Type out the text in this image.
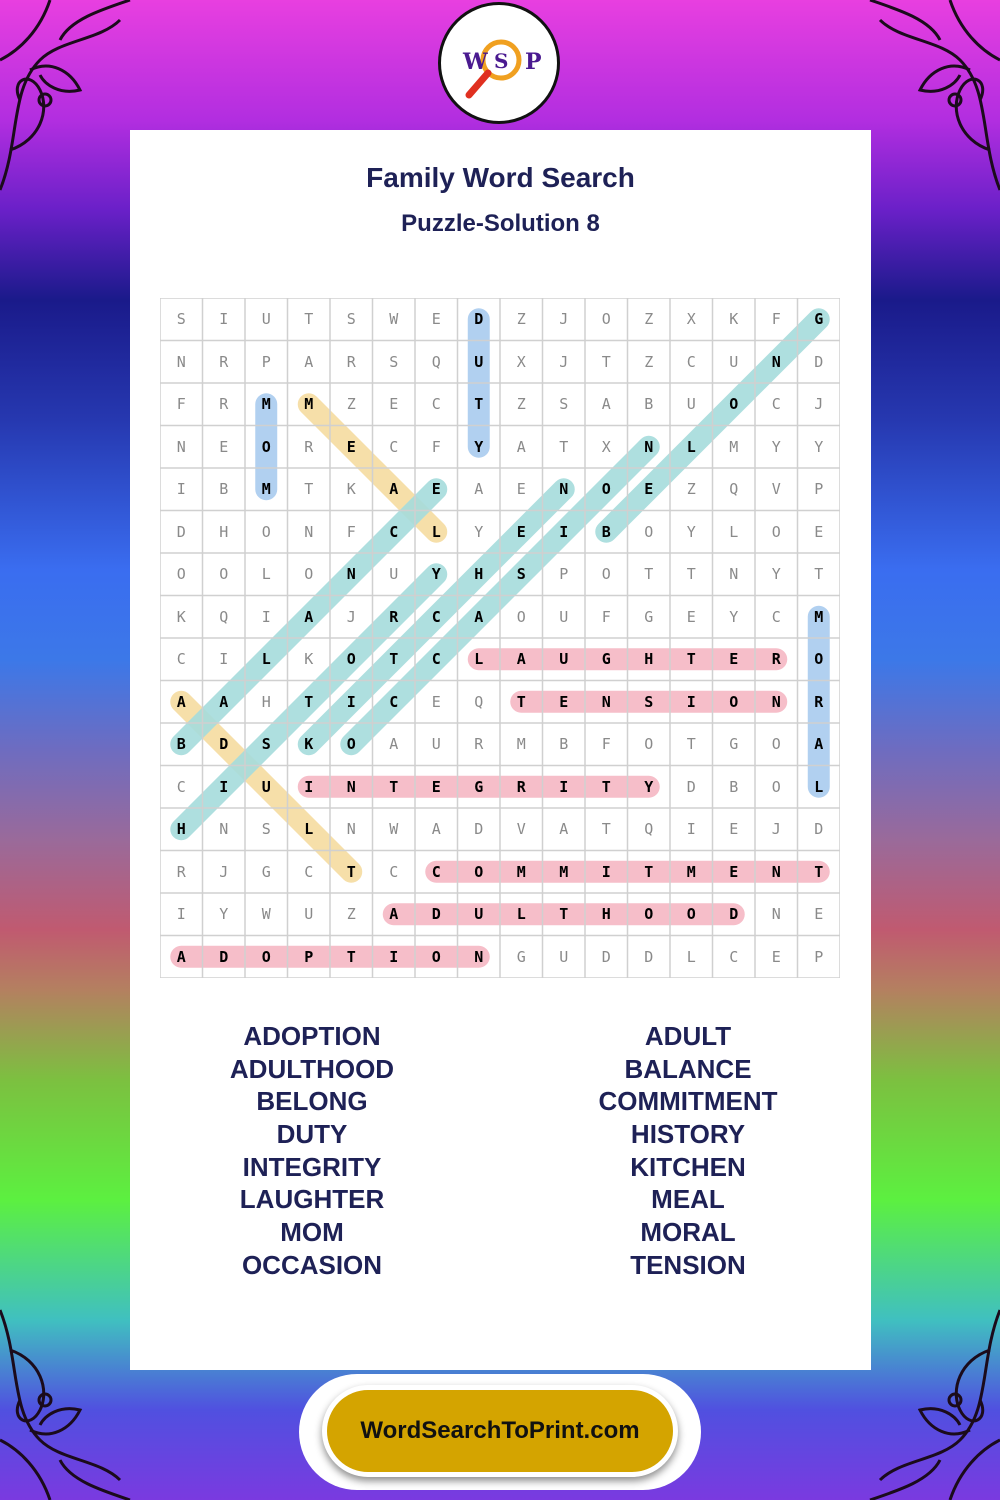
W S P
Family Word Search
Puzzle-Solution 8
S	I	U	T	S	W	E	D	Z	J	O	Z	X	K	F	G
N	R	P	A	R	S	Q	U	X	J	T	Z	C	U	N	D
F	R	M	M	Z	E	C	T	Z	S	A	B	U	O	C	J
N	E	O	R	E	C	F	Y	A	T	X	N	L	M	Y	Y
I	B	M	T	K	A	E	A	E	N	O	E	Z	Q	V	P
D	H	O	N	F	C	L	Y	E	I	B	O	Y	L	O	E
O	O	L	O	N	U	Y	H	S	P	O	T	T	N	Y	T
K	Q	I	A	J	R	C	A	O	U	F	G	E	Y	C	M
C	I	L	K	O	T	C	L	A	U	G	H	T	E	R	O
A	A	H	T	I	C	E	Q	T	E	N	S	I	O	N	R
B	D	S	K	O	A	U	R	M	B	F	O	T	G	O	A
C	I	U	I	N	T	E	G	R	I	T	Y	D	B	O	L
H	N	S	L	N	W	A	D	V	A	T	Q	I	E	J	D
R	J	G	C	T	C	C	O	M	M	I	T	M	E	N	T
I	Y	W	U	Z	A	D	U	L	T	H	O	O	D	N	E
A	D	O	P	T	I	O	N	G	U	D	D	L	C	E	P
ADOPTION
ADULTHOOD
BELONG
DUTY
INTEGRITY
LAUGHTER
MOM
OCCASION
ADULT
BALANCE
COMMITMENT
HISTORY
KITCHEN
MEAL
MORAL
TENSION
WordSearchToPrint.com
